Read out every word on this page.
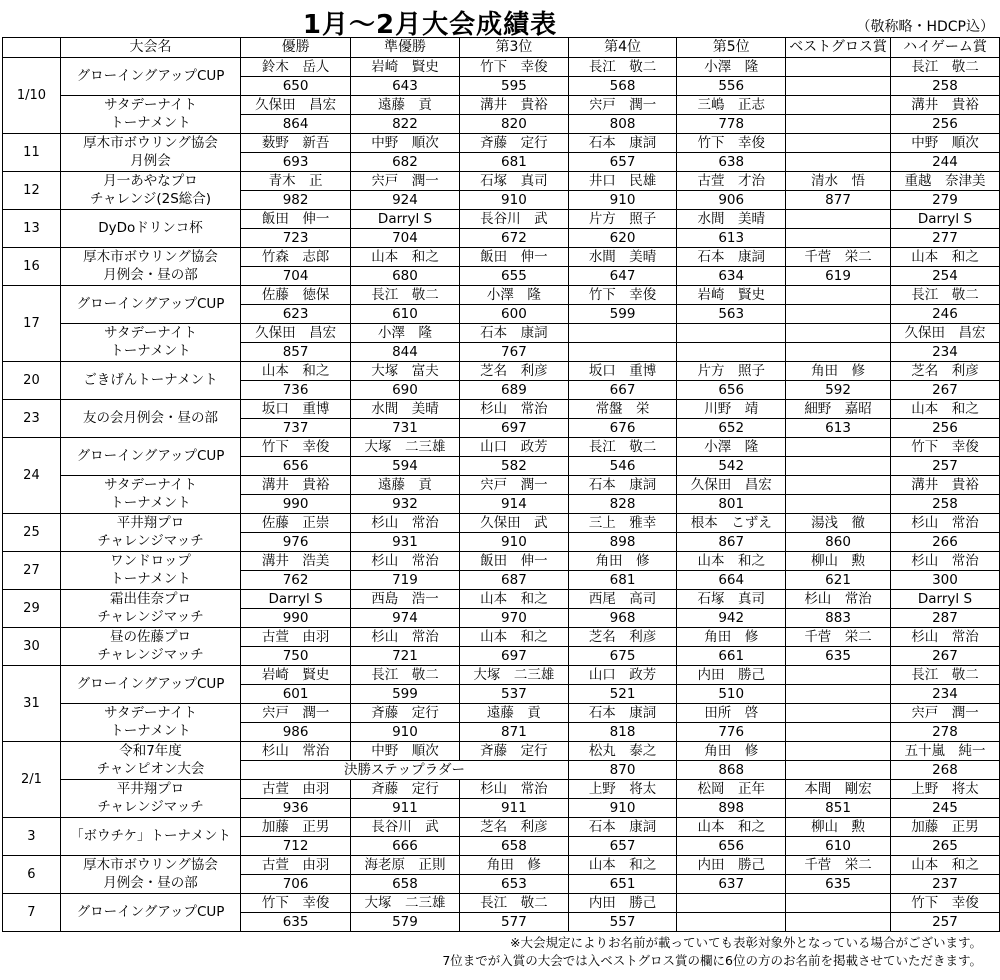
1月～2月大会成績表	（敬称略・HDCP込）
	大会名	優勝	準優勝	第3位	第4位	第5位	ベストグロス賞	ハイゲーム賞
1/10	グローイングアップCUP	鈴木　岳人	岩崎　賢史	竹下　幸俊	長江　敬二	小澤　隆		長江　敬二
		650	643	595	568	556		258

	サタデーナイト
トーナメント	久保田　昌宏	遠藤　貢	溝井　貴裕	宍戸　潤一	三嶋　正志		溝井　貴裕
		864	822	820	808	778		256
11	厚木市ボウリング協会
月例会	薮野　新吾	中野　順次	斉藤　定行	石本　康詞	竹下　幸俊		中野　順次
		693	682	681	657	638		244
12	月一あやなプロ
チャレンジ(2S総合)	青木　正	宍戸　潤一	石塚　真司	井口　民雄	古萱　才治	清水　悟	重越　奈津美
		982	924	910	910	906	877	279
13	DyDoドリンコ杯	飯田　伸一	Darryl S	長谷川　武	片方　照子	水間　美晴		Darryl S
		723	704	672	620	613		277
16	厚木市ボウリング協会
月例会・昼の部	竹森　志郎	山本　和之	飯田　伸一	水間　美晴	石本　康詞	千菅　栄二	山本　和之
		704	680	655	647	634	619	254
17	グローイングアップCUP	佐藤　徳保	長江　敬二	小澤　隆	竹下　幸俊	岩崎　賢史		長江　敬二
		623	610	600	599	563		246

	サタデーナイト
トーナメント	久保田　昌宏	小澤　隆	石本　康詞				久保田　昌宏
		857	844	767				234
20	ごきげんトーナメント	山本　和之	大塚　富夫	芝名　利彦	坂口　重博	片方　照子	角田　修	芝名　利彦
		736	690	689	667	656	592	267
23	友の会月例会・昼の部	坂口　重博	水間　美晴	杉山　常治	常盤　栄	川野　靖	細野　嘉昭	山本　和之
		737	731	697	676	652	613	256
24	グローイングアップCUP	竹下　幸俊	大塚　二三雄	山口　政芳	長江　敬二	小澤　隆		竹下　幸俊
		656	594	582	546	542		257

	サタデーナイト
トーナメント	溝井　貴裕	遠藤　貢	宍戸　潤一	石本　康詞	久保田　昌宏		溝井　貴裕
		990	932	914	828	801		258
25	平井翔プロ
チャレンジマッチ	佐藤　正崇	杉山　常治	久保田　武	三上　雅幸	根本　こずえ	湯浅　徹	杉山　常治
		976	931	910	898	867	860	266
27	ワンドロップ
トーナメント	溝井　浩美	杉山　常治	飯田　伸一	角田　修	山本　和之	柳山　勲	杉山　常治
		762	719	687	681	664	621	300
29	霜出佳奈プロ
チャレンジマッチ	Darryl S	西島　浩一	山本　和之	西尾　高司	石塚　真司	杉山　常治	Darryl S
		990	974	970	968	942	883	287
30	昼の佐藤プロ
チャレンジマッチ	古萱　由羽	杉山　常治	山本　和之	芝名　利彦	角田　修	千菅　栄二	杉山　常治
		750	721	697	675	661	635	267
31	グローイングアップCUP	岩崎　賢史	長江　敬二	大塚　二三雄	山口　政芳	内田　勝己		長江　敬二
		601	599	537	521	510		234

	サタデーナイト
トーナメント	宍戸　潤一	斉藤　定行	遠藤　貢	石本　康詞	田所　啓		宍戸　潤一
		986	910	871	818	776		278
2/1	令和7年度
チャンピオン大会	杉山　常治	中野　順次	斉藤　定行	松丸　泰之	角田　修		五十嵐　純一
		決勝ステップラダー			870	868		268

	平井翔プロ
チャレンジマッチ	古萱　由羽	斉藤　定行	杉山　常治	上野　将太	松岡　正年	本間　剛宏	上野　将太
		936	911	911	910	898	851	245
3	「ボウチケ」トーナメント	加藤　正男	長谷川　武	芝名　利彦	石本　康詞	山本　和之	柳山　勲	加藤　正男
		712	666	658	657	656	610	265
6	厚木市ボウリング協会
月例会・昼の部	古萱　由羽	海老原　正則	角田　修	山本　和之	内田　勝己	千菅　栄二	山本　和之
		706	658	653	651	637	635	237
7	グローイングアップCUP	竹下　幸俊	大塚　二三雄	長江　敬二	内田　勝己			竹下　幸俊
		635	579	577	557			257
※大会規定によりお名前が載っていても表彰対象外となっている場合がございます。
7位までが入賞の大会では入ベストグロス賞の欄に6位の方のお名前を掲載させていただきます。
